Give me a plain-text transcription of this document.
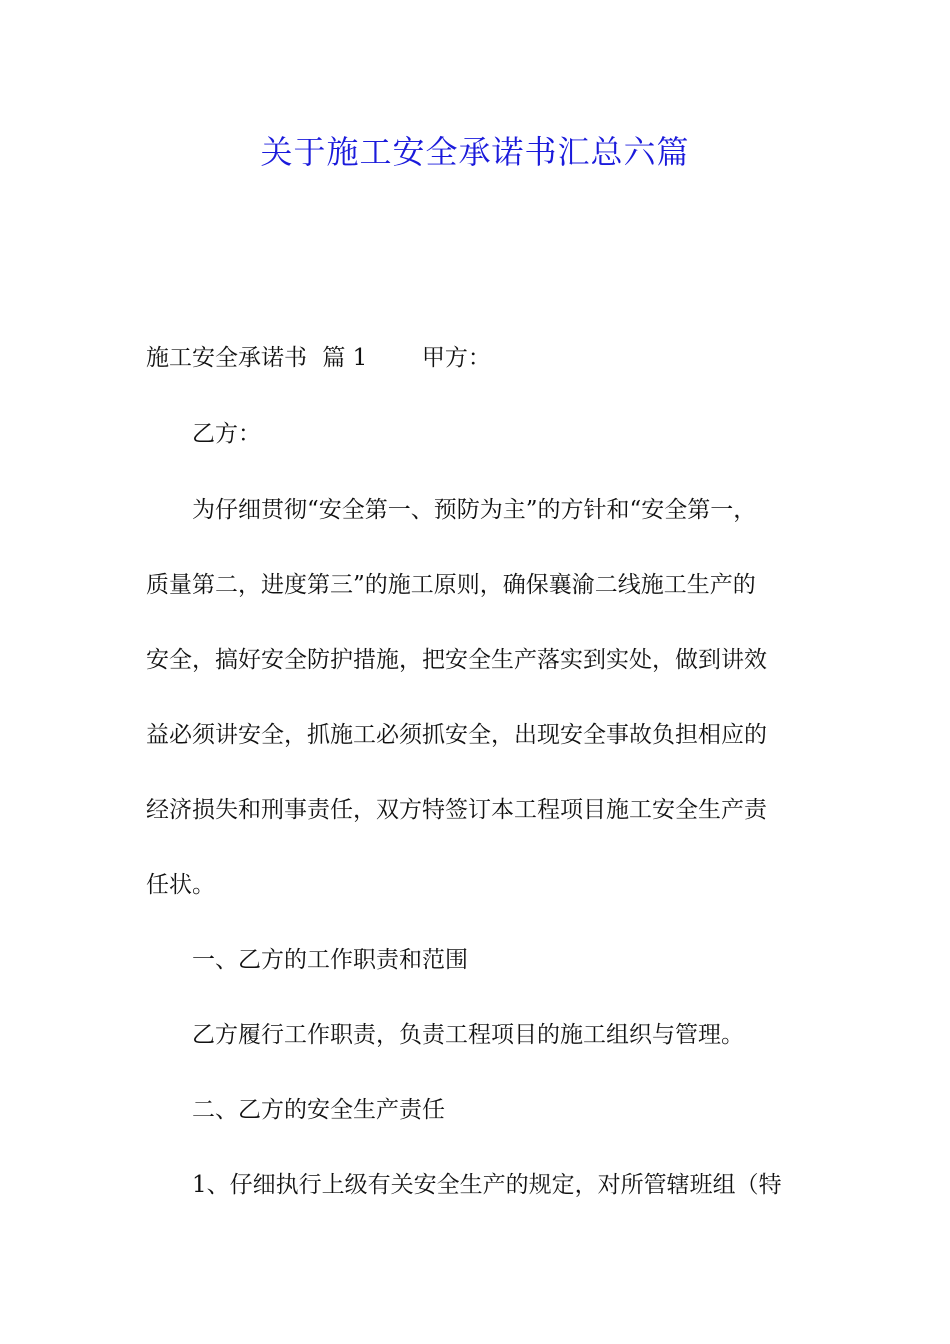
关于施工安全承诺书汇总六篇
施工安全承诺书 篇 1 甲方：
乙方：
为仔细贯彻“安全第一、预防为主”的方针和“安全第一，
质量第二，进度第三”的施工原则，确保襄渝二线施工生产的
安全，搞好安全防护措施，把安全生产落实到实处，做到讲效
益必须讲安全，抓施工必须抓安全，出现安全事故负担相应的
经济损失和刑事责任，双方特签订本工程项目施工安全生产责
任状。
一、乙方的工作职责和范围
乙方履行工作职责，负责工程项目的施工组织与管理。
二、乙方的安全生产责任
1、仔细执行上级有关安全生产的规定，对所管辖班组（特
